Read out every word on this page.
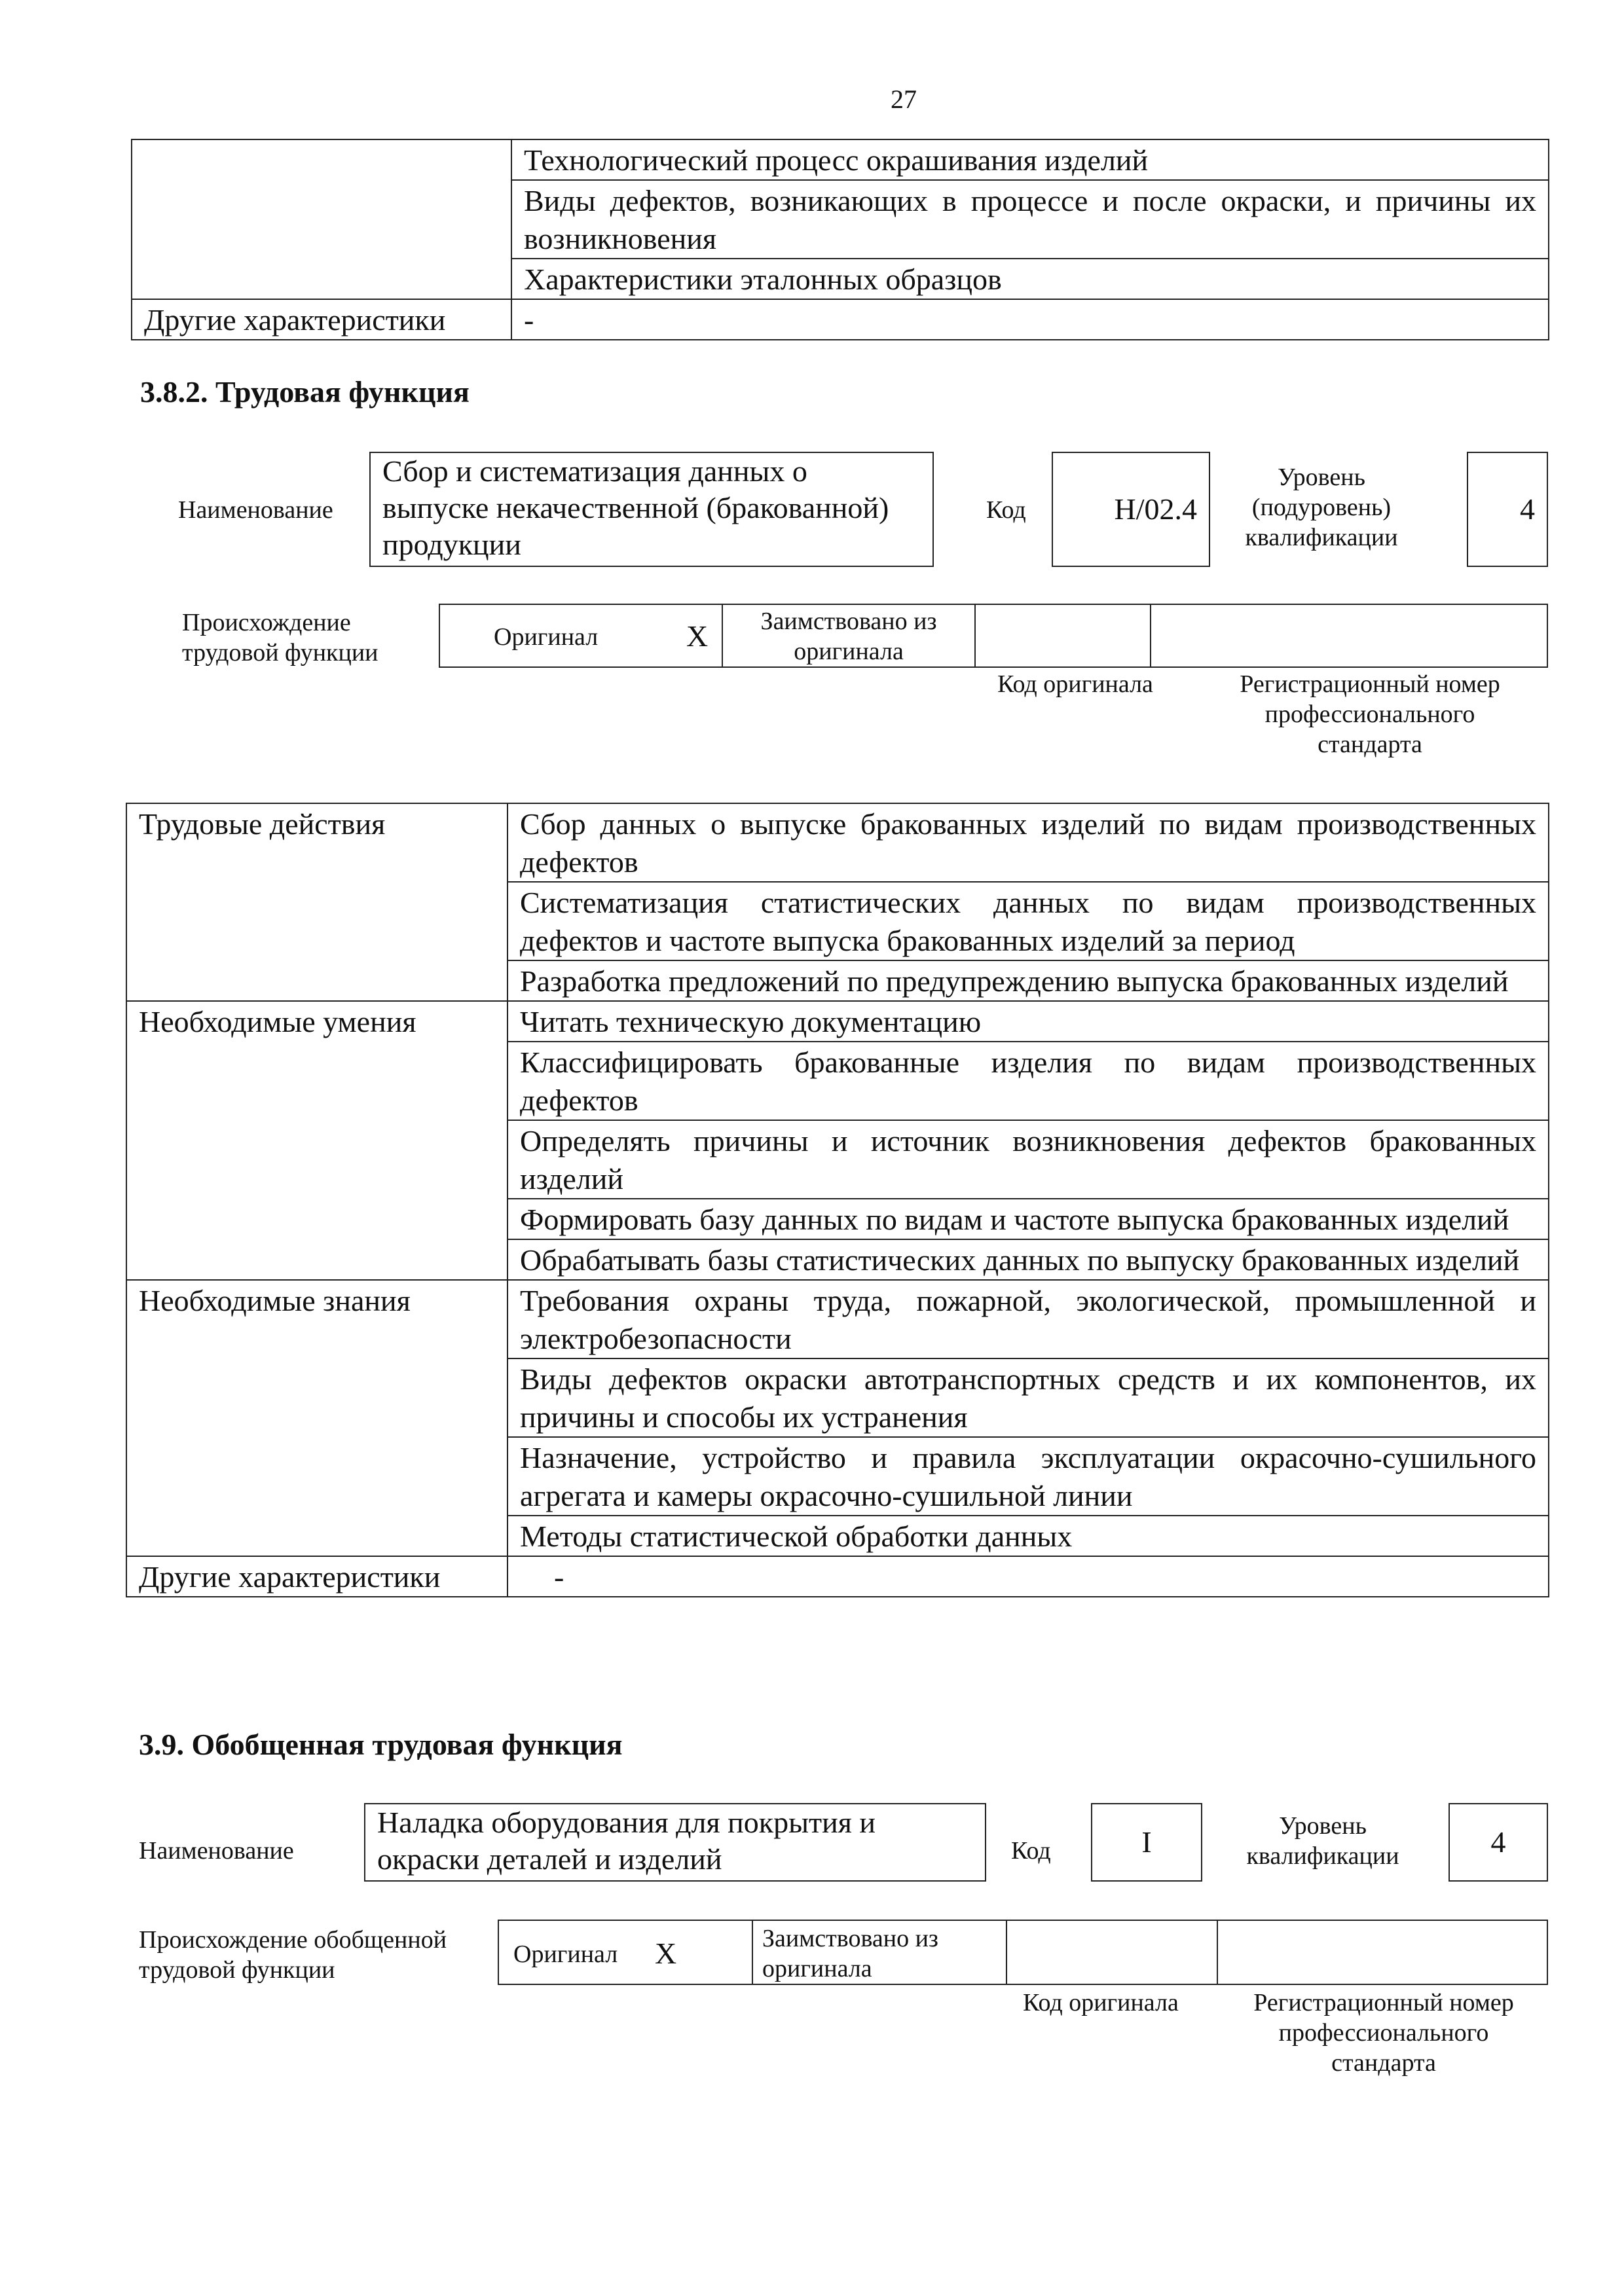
27
	Технологический процесс окрашивания изделий
	Виды дефектов, возникающих в процессе и после окраски, и причины их возникновения
	Характеристики эталонных образцов
Другие характеристики	-
3.8.2. Трудовая функция
Наименование
Сбор и систематизация данных о выпуске некачественной (бракованной) продукции
Код	H/02.4
Уровень (подуровень) квалификации
4
Происхождение трудовой функции
Оригинал	X	Заимствовано из оригинала
Код оригинала	Регистрационный номер профессионального стандарта
Трудовые действия	Сбор данных о выпуске бракованных изделий по видам производственных дефектов
	Систематизация статистических данных по видам производственных дефектов и частоте выпуска бракованных изделий за период
	Разработка предложений по предупреждению выпуска бракованных изделий
Необходимые умения	Читать техническую документацию
	Классифицировать бракованные изделия по видам производственных дефектов
	Определять причины и источник возникновения дефектов бракованных изделий
	Формировать базу данных по видам и частоте выпуска бракованных изделий
	Обрабатывать базы статистических данных по выпуску бракованных изделий
Необходимые знания	Требования охраны труда, пожарной, экологической, промышленной и электробезопасности
	Виды дефектов окраски автотранспортных средств и их компонентов, их причины и способы их устранения
	Назначение, устройство и правила эксплуатации окрасочно-сушильного агрегата и камеры окрасочно-сушильной линии
	Методы статистической обработки данных
Другие характеристики	-
3.9. Обобщенная трудовая функция
Наименование
Наладка оборудования для покрытия и окраски деталей и изделий	Код	I	Уровень квалификации	4
Происхождение обобщенной трудовой функции
Оригинал X	Заимствовано из оригинала
Код оригинала	Регистрационный номер профессионального стандарта
